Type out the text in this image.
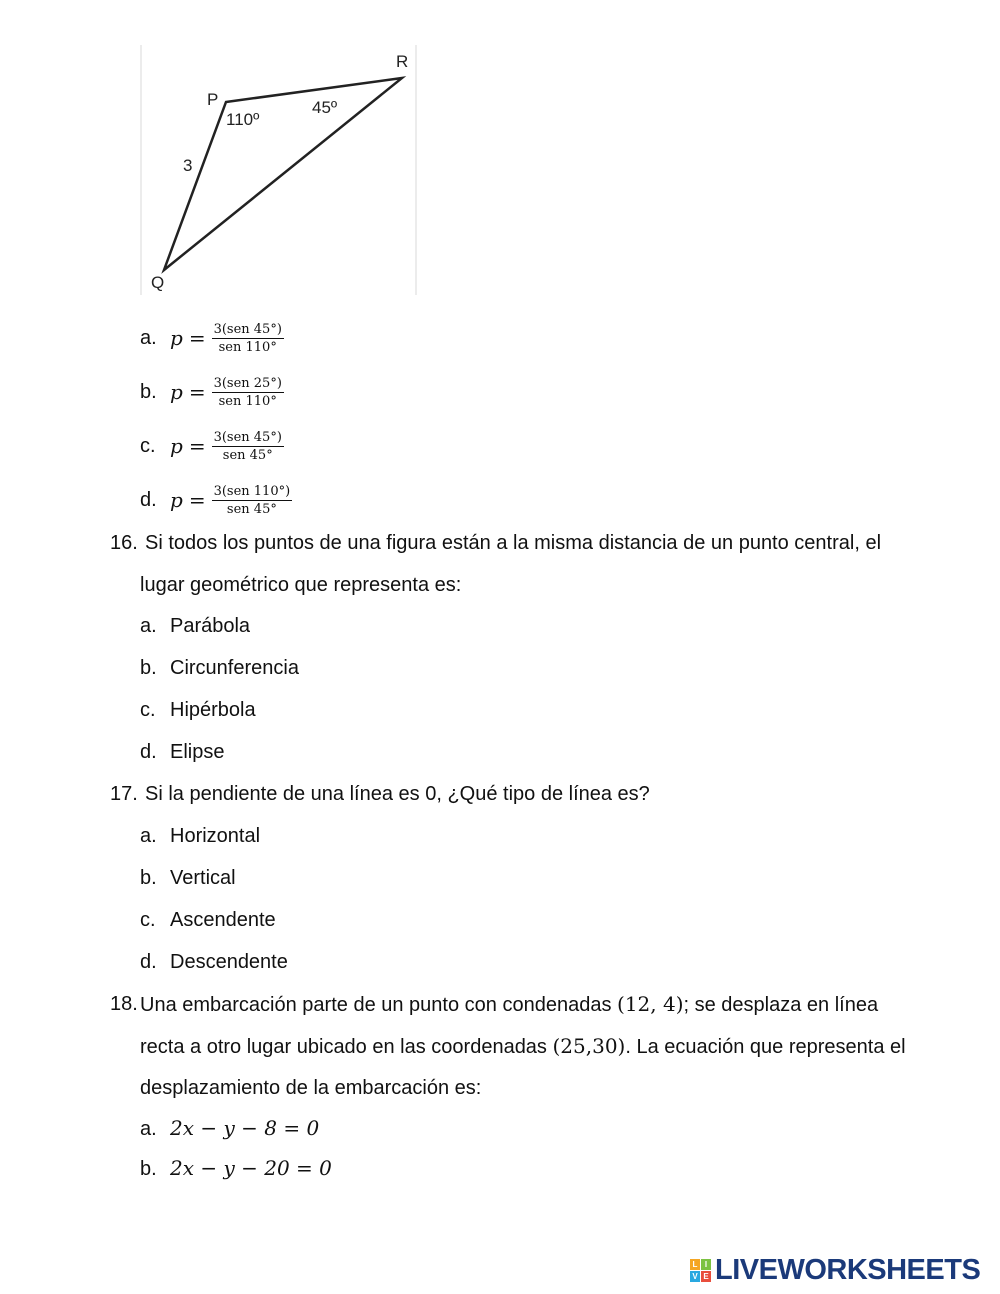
P
R
Q
110º
45º
3
a. $p = \frac{\text{3(sen 45°)}}{\text{sen 110°}}$
b. $p = \frac{\text{3(sen 25°)}}{\text{sen 110°}}$
c. $p = \frac{\text{3(sen 45°)}}{\text{sen 45°}}$
d. $p = \frac{\text{3(sen 110°)}}{\text{sen 45°}}$
16. Si todos los puntos de una figura están a la misma distancia de un punto central, el
lugar geométrico que representa es:
a. Parábola
b. Circunferencia
c. Hipérbola
d. Elipse
17. Si la pendiente de una línea es 0, ¿Qué tipo de línea es?
a. Horizontal
b. Vertical
c. Ascendente
d. Descendente
18. Una embarcación parte de un punto con condenadas (12, 4); se desplaza en línea
recta a otro lugar ubicado en las coordenadas (25,30). La ecuación que representa el
desplazamiento de la embarcación es:
a. 2x − y − 8 = 0
b. 2x − y − 20 = 0
L I
V E LIVEWORKSHEETS
